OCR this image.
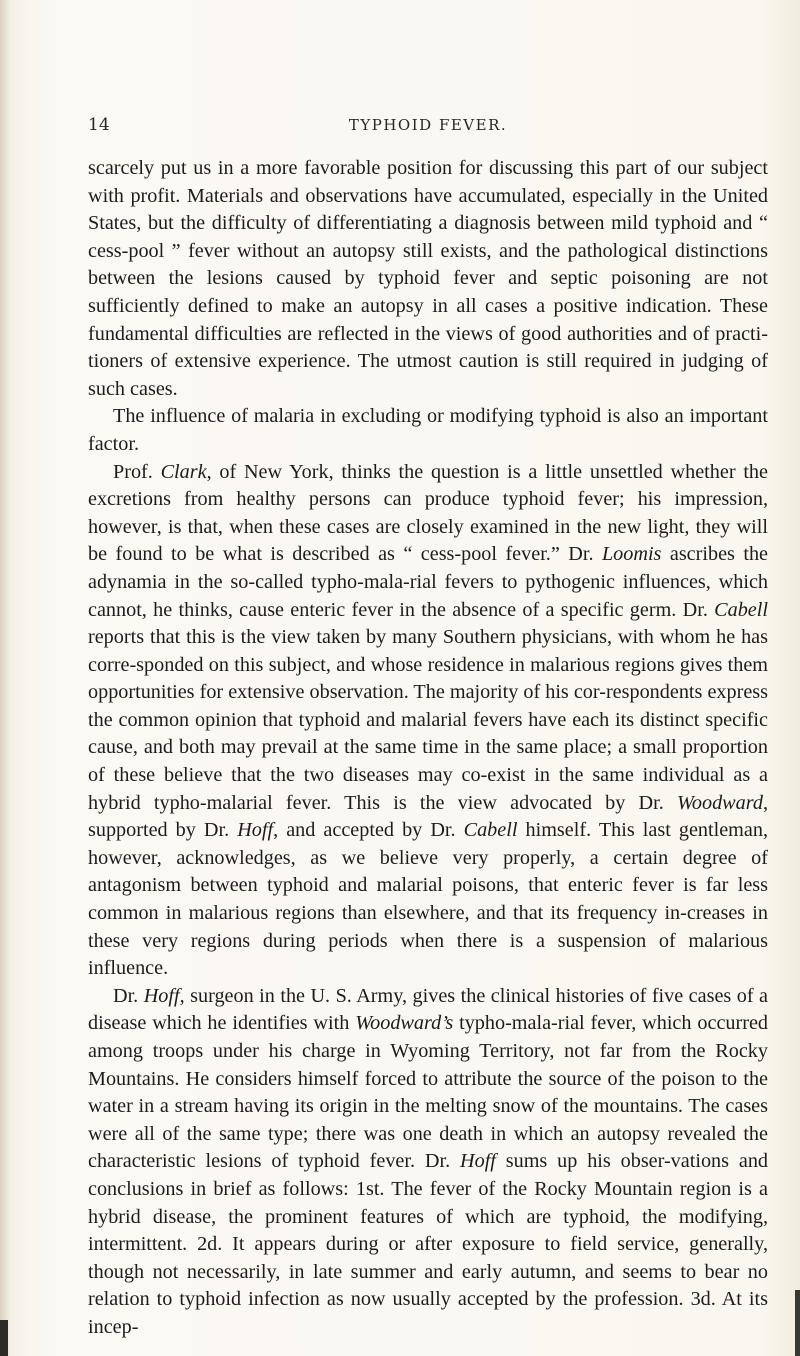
14	TYPHOID FEVER.

scarcely put us in a more favorable position for discussing this part of our subject with profit. Materials and observations have accumulated, especially in the United States, but the difficulty of differentiating a diagnosis between mild typhoid and “ cess-pool ” fever without an autopsy still exists, and the pathological distinctions between the lesions caused by typhoid fever and septic poisoning are not sufficiently defined to make an autopsy in all cases a positive indication. These fundamental difficulties are reflected in the views of good authorities and of practi-tioners of extensive experience. The utmost caution is still required in judging of such cases.

The influence of malaria in excluding or modifying typhoid is also an important factor.

Prof. Clark, of New York, thinks the question is a little unsettled whether the excretions from healthy persons can produce typhoid fever; his impression, however, is that, when these cases are closely examined in the new light, they will be found to be what is described as “ cess-pool fever.” Dr. Loomis ascribes the adynamia in the so-called typho-mala-rial fevers to pythogenic influences, which cannot, he thinks, cause enteric fever in the absence of a specific germ. Dr. Cabell reports that this is the view taken by many Southern physicians, with whom he has corre-sponded on this subject, and whose residence in malarious regions gives them opportunities for extensive observation. The majority of his cor-respondents express the common opinion that typhoid and malarial fevers have each its distinct specific cause, and both may prevail at the same time in the same place; a small proportion of these believe that the two diseases may co-exist in the same individual as a hybrid typho-malarial fever. This is the view advocated by Dr. Woodward, supported by Dr. Hoff, and accepted by Dr. Cabell himself. This last gentleman, however, acknowledges, as we believe very properly, a certain degree of antagonism between typhoid and malarial poisons, that enteric fever is far less common in malarious regions than elsewhere, and that its frequency in-creases in these very regions during periods when there is a suspension of malarious influence.

Dr. Hoff, surgeon in the U. S. Army, gives the clinical histories of five cases of a disease which he identifies with Woodward’s typho-mala-rial fever, which occurred among troops under his charge in Wyoming Territory, not far from the Rocky Mountains. He considers himself forced to attribute the source of the poison to the water in a stream having its origin in the melting snow of the mountains. The cases were all of the same type; there was one death in which an autopsy revealed the characteristic lesions of typhoid fever. Dr. Hoff sums up his obser-vations and conclusions in brief as follows: 1st. The fever of the Rocky Mountain region is a hybrid disease, the prominent features of which are typhoid, the modifying, intermittent. 2d. It appears during or after exposure to field service, generally, though not necessarily, in late summer and early autumn, and seems to bear no relation to typhoid infection as now usually accepted by the profession. 3d. At its incep-
